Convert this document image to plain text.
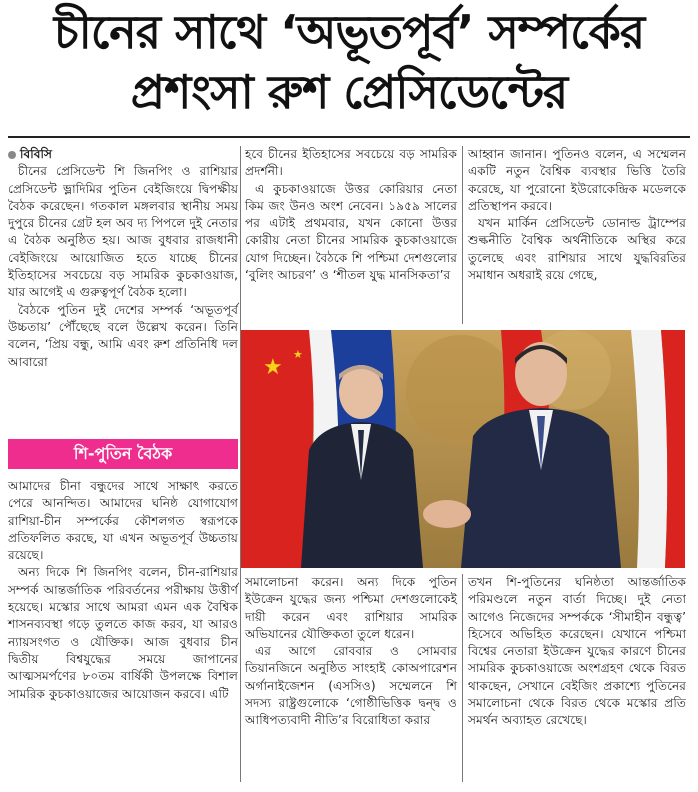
চীনের সাথে ‘অভূতপূর্ব’ সম্পর্কের
প্রশংসা রুশ প্রেসিডেন্টের
বিবিসি

চীনের প্রেসিডেন্ট শি জিনপিং ও রাশিয়ার প্রেসিডেন্ট ভ্লাদিমির পুতিন বেইজিংয়ে দ্বিপক্ষীয় বৈঠক করেছেন। গতকাল মঙ্গলবার স্থানীয় সময় দুপুরে চীনের গ্রেট হল অব দ্য পিপলে দুই নেতার এ বৈঠক অনুষ্ঠিত হয়। আজ বুধবার রাজধানী বেইজিংয়ে আয়োজিত হতে যাচ্ছে চীনের ইতিহাসের সবচেয়ে বড় সামরিক কুচকাওয়াজ, যার আগেই এ গুরুত্বপূর্ণ বৈঠক হলো।

বৈঠকে পুতিন দুই দেশের সম্পর্ক ‘অভূতপূর্ব উচ্চতায়’ পৌঁছেছে বলে উল্লেখ করেন। তিনি বলেন, ‘প্রিয় বন্ধু, আমি এবং রুশ প্রতিনিধি দল আবারো

শি-পুতিন বৈঠক

আমাদের চীনা বন্ধুদের সাথে সাক্ষাৎ করতে পেরে আনন্দিত। আমাদের ঘনিষ্ঠ যোগাযোগ রাশিয়া-চীন সম্পর্কের কৌশলগত স্বরূপকে প্রতিফলিত করছে, যা এখন অভূতপূর্ব উচ্চতায় রয়েছে।

অন্য দিকে শি জিনপিং বলেন, চীন-রাশিয়ার সম্পর্ক আন্তর্জাতিক পরিবর্তনের পরীক্ষায় উত্তীর্ণ হয়েছে। মস্কোর সাথে আমরা এমন এক বৈশ্বিক শাসনব্যবস্থা গড়ে তুলতে কাজ করব, যা আরও ন্যায়সংগত ও যৌক্তিক। আজ বুধবার চীন দ্বিতীয় বিশ্বযুদ্ধের সময়ে জাপানের আত্মসমর্পণের ৮০তম বার্ষিকী উপলক্ষে বিশাল সামরিক কুচকাওয়াজের আয়োজন করবে। এটি

হবে চীনের ইতিহাসের সবচেয়ে বড় সামরিক প্রদর্শনী।

এ কুচকাওয়াজে উত্তর কোরিয়ার নেতা কিম জং উনও অংশ নেবেন। ১৯৫৯ সালের পর এটাই প্রথমবার, যখন কোনো উত্তর কোরীয় নেতা চীনের সামরিক কুচকাওয়াজে যোগ দিচ্ছেন। বৈঠকে শি পশ্চিমা দেশগুলোর ‘বুলিং আচরণ’ ও ‘শীতল যুদ্ধ মানসিকতা’র

আহ্বান জানান। পুতিনও বলেন, এ সম্মেলন একটি নতুন বৈশ্বিক ব্যবস্থার ভিত্তি তৈরি করেছে, যা পুরোনো ইউরোকেন্দ্রিক মডেলকে প্রতিস্থাপন করবে।

যখন মার্কিন প্রেসিডেন্ট ডোনাল্ড ট্রাম্পের শুল্কনীতি বৈশ্বিক অর্থনীতিকে অস্থির করে তুলেছে এবং রাশিয়ার সাথে যুদ্ধবিরতির সমাধান অধরাই রয়ে গেছে,

★
★

সমালোচনা করেন। অন্য দিকে পুতিন ইউক্রেন যুদ্ধের জন্য পশ্চিমা দেশগুলোকেই দায়ী করেন এবং রাশিয়ার সামরিক অভিযানের যৌক্তিকতা তুলে ধরেন।

এর আগে রোববার ও সোমবার তিয়ানজিনে অনুষ্ঠিত সাংহাই কোঅপারেশন অর্গানাইজেশন (এসসিও) সম্মেলনে শি সদস্য রাষ্ট্রগুলোকে ‘গোষ্ঠীভিত্তিক দ্বন্দ্ব ও আধিপত্যবাদী নীতি’র বিরোধিতা করার

তখন শি-পুতিনের ঘনিষ্ঠতা আন্তর্জাতিক পরিমণ্ডলে নতুন বার্তা দিচ্ছে। দুই নেতা আগেও নিজেদের সম্পর্ককে ‘সীমাহীন বন্ধুত্ব’ হিসেবে অভিহিত করেছেন। যেখানে পশ্চিমা বিশ্বের নেতারা ইউক্রেন যুদ্ধের কারণে চীনের সামরিক কুচকাওয়াজে অংশগ্রহণ থেকে বিরত থাকছেন, সেখানে বেইজিং প্রকাশ্যে পুতিনের সমালোচনা থেকে বিরত থেকে মস্কোর প্রতি সমর্থন অব্যাহত রেখেছে।
